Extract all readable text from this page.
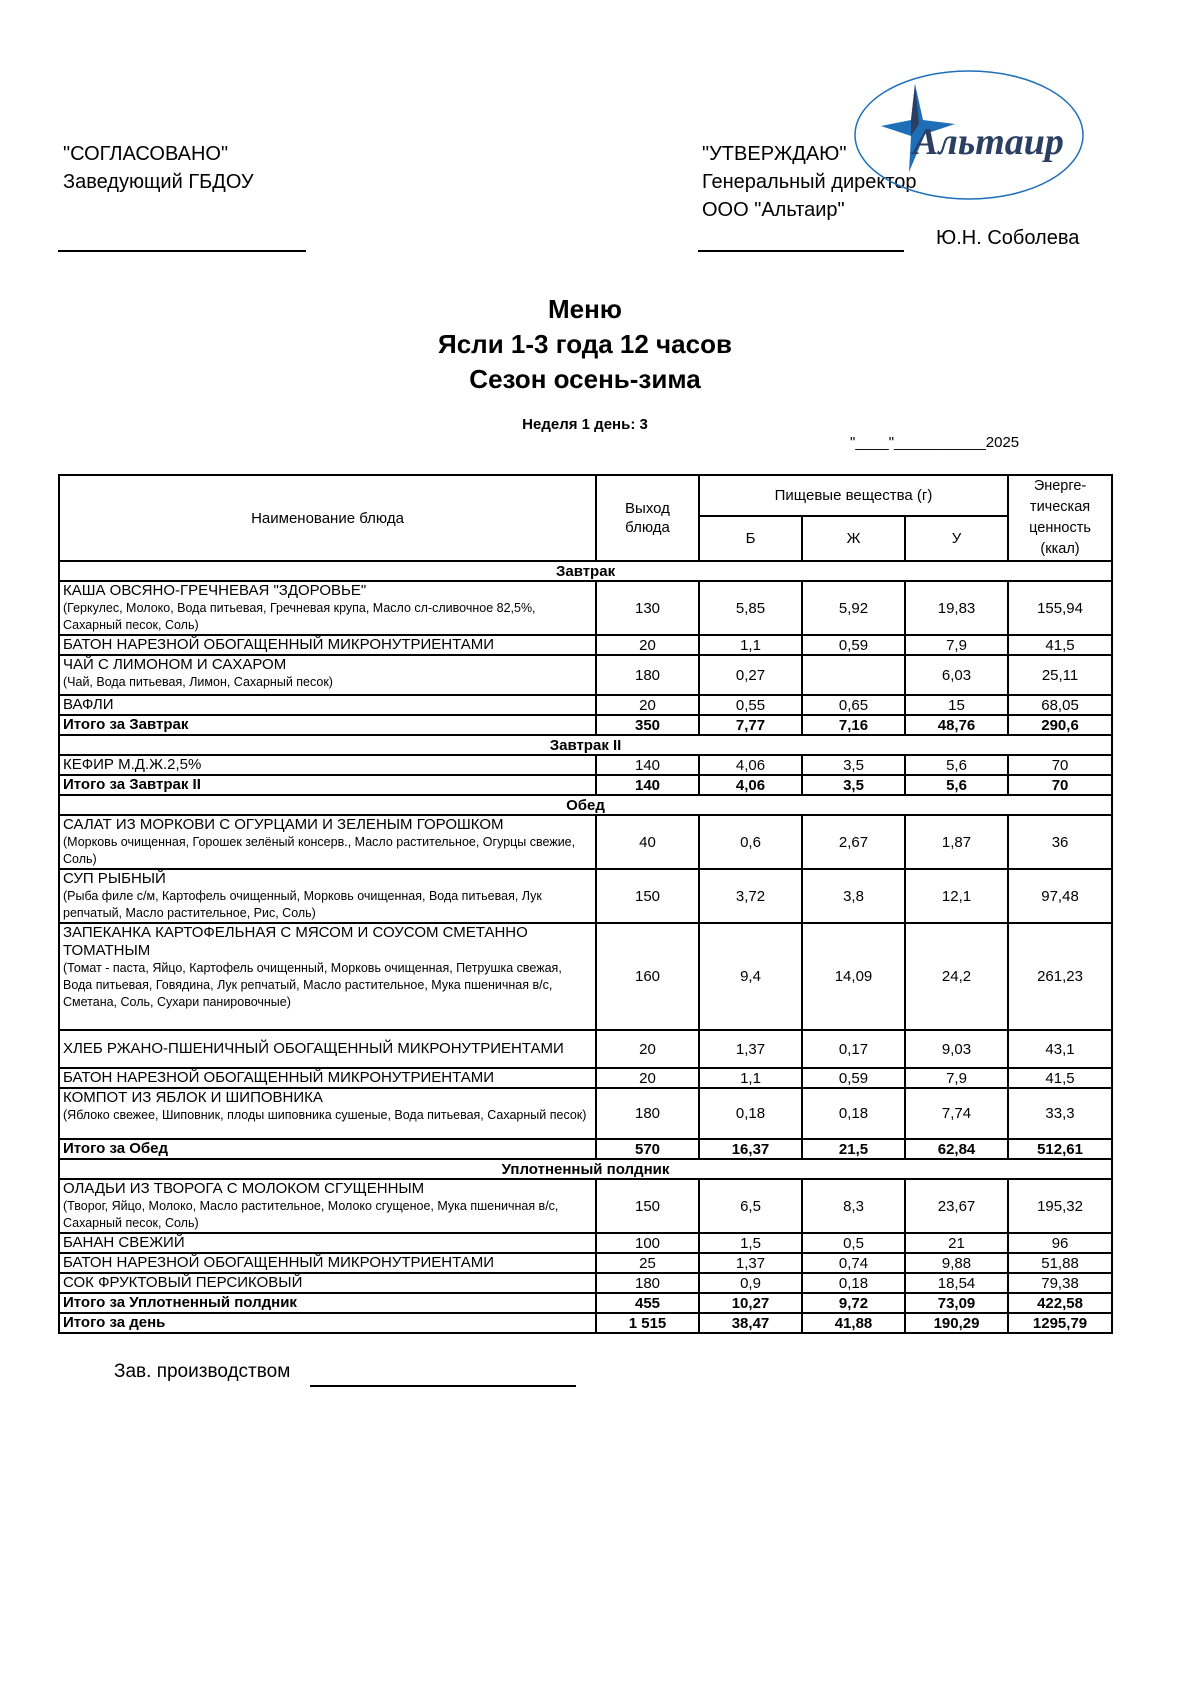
"СОГЛАСОВАНО"
Заведующий ГБДОУ
"УТВЕРЖДАЮ"
Генеральный директор
ООО "Альтаир"
Ю.Н. Соболева
Альтаир
Меню
Ясли 1-3 года 12 часов
Сезон осень-зима
Неделя 1 день: 3
"____"___________2025
Наименование блюда	Выход блюда	Пищевые вещества (г)			Энерге-тическая ценность (ккал)
		Б	Ж	У	
Завтрак					

КАША ОВСЯНО-ГРЕЧНЕВАЯ "ЗДОРОВЬЕ"
(Геркулес, Молоко, Вода питьевая, Гречневая крупа, Масло сл-сливочное 82,5%, Сахарный песок, Соль)	130	5,85	5,92	19,83	155,94

БАТОН НАРЕЗНОЙ ОБОГАЩЕННЫЙ МИКРОНУТРИЕНТАМИ	20	1,1	0,59	7,9	41,5

ЧАЙ С ЛИМОНОМ И САХАРОМ
(Чай, Вода питьевая, Лимон, Сахарный песок)	180	0,27		6,03	25,11

ВАФЛИ	20	0,55	0,65	15	68,05
Итого за Завтрак	350	7,77	7,16	48,76	290,6
Завтрак II					

КЕФИР М.Д.Ж.2,5%	140	4,06	3,5	5,6	70
Итого за Завтрак II	140	4,06	3,5	5,6	70
Обед					

САЛАТ ИЗ МОРКОВИ С ОГУРЦАМИ И ЗЕЛЕНЫМ ГОРОШКОМ
(Морковь очищенная, Горошек зелёный консерв., Масло растительное, Огурцы свежие, Соль)	40	0,6	2,67	1,87	36

СУП РЫБНЫЙ
(Рыба филе с/м, Картофель очищенный, Морковь очищенная, Вода питьевая, Лук репчатый, Масло растительное, Рис, Соль)	150	3,72	3,8	12,1	97,48

ЗАПЕКАНКА КАРТОФЕЛЬНАЯ С МЯСОМ И СОУСОМ СМЕТАННО ТОМАТНЫМ
(Томат - паста, Яйцо, Картофель очищенный, Морковь очищенная, Петрушка свежая, Вода питьевая, Говядина, Лук репчатый, Масло растительное, Мука пшеничная в/с, Сметана, Соль, Сухари панировочные)	160	9,4	14,09	24,2	261,23

ХЛЕБ РЖАНО-ПШЕНИЧНЫЙ ОБОГАЩЕННЫЙ МИКРОНУТРИЕНТАМИ	20	1,37	0,17	9,03	43,1

БАТОН НАРЕЗНОЙ ОБОГАЩЕННЫЙ МИКРОНУТРИЕНТАМИ	20	1,1	0,59	7,9	41,5

КОМПОТ ИЗ ЯБЛОК И ШИПОВНИКА
(Яблоко свежее, Шиповник, плоды шиповника сушеные, Вода питьевая, Сахарный песок)	180	0,18	0,18	7,74	33,3
Итого за Обед	570	16,37	21,5	62,84	512,61
Уплотненный полдник					

ОЛАДЬИ ИЗ ТВОРОГА С МОЛОКОМ СГУЩЕННЫМ
(Творог, Яйцо, Молоко, Масло растительное, Молоко сгущеное, Мука пшеничная в/с, Сахарный песок, Соль)	150	6,5	8,3	23,67	195,32

БАНАН СВЕЖИЙ	100	1,5	0,5	21	96

БАТОН НАРЕЗНОЙ ОБОГАЩЕННЫЙ МИКРОНУТРИЕНТАМИ	25	1,37	0,74	9,88	51,88

СОК ФРУКТОВЫЙ ПЕРСИКОВЫЙ	180	0,9	0,18	18,54	79,38
Итого за Уплотненный полдник	455	10,27	9,72	73,09	422,58
Итого за день	1 515	38,47	41,88	190,29	1295,79
Зав. производством
